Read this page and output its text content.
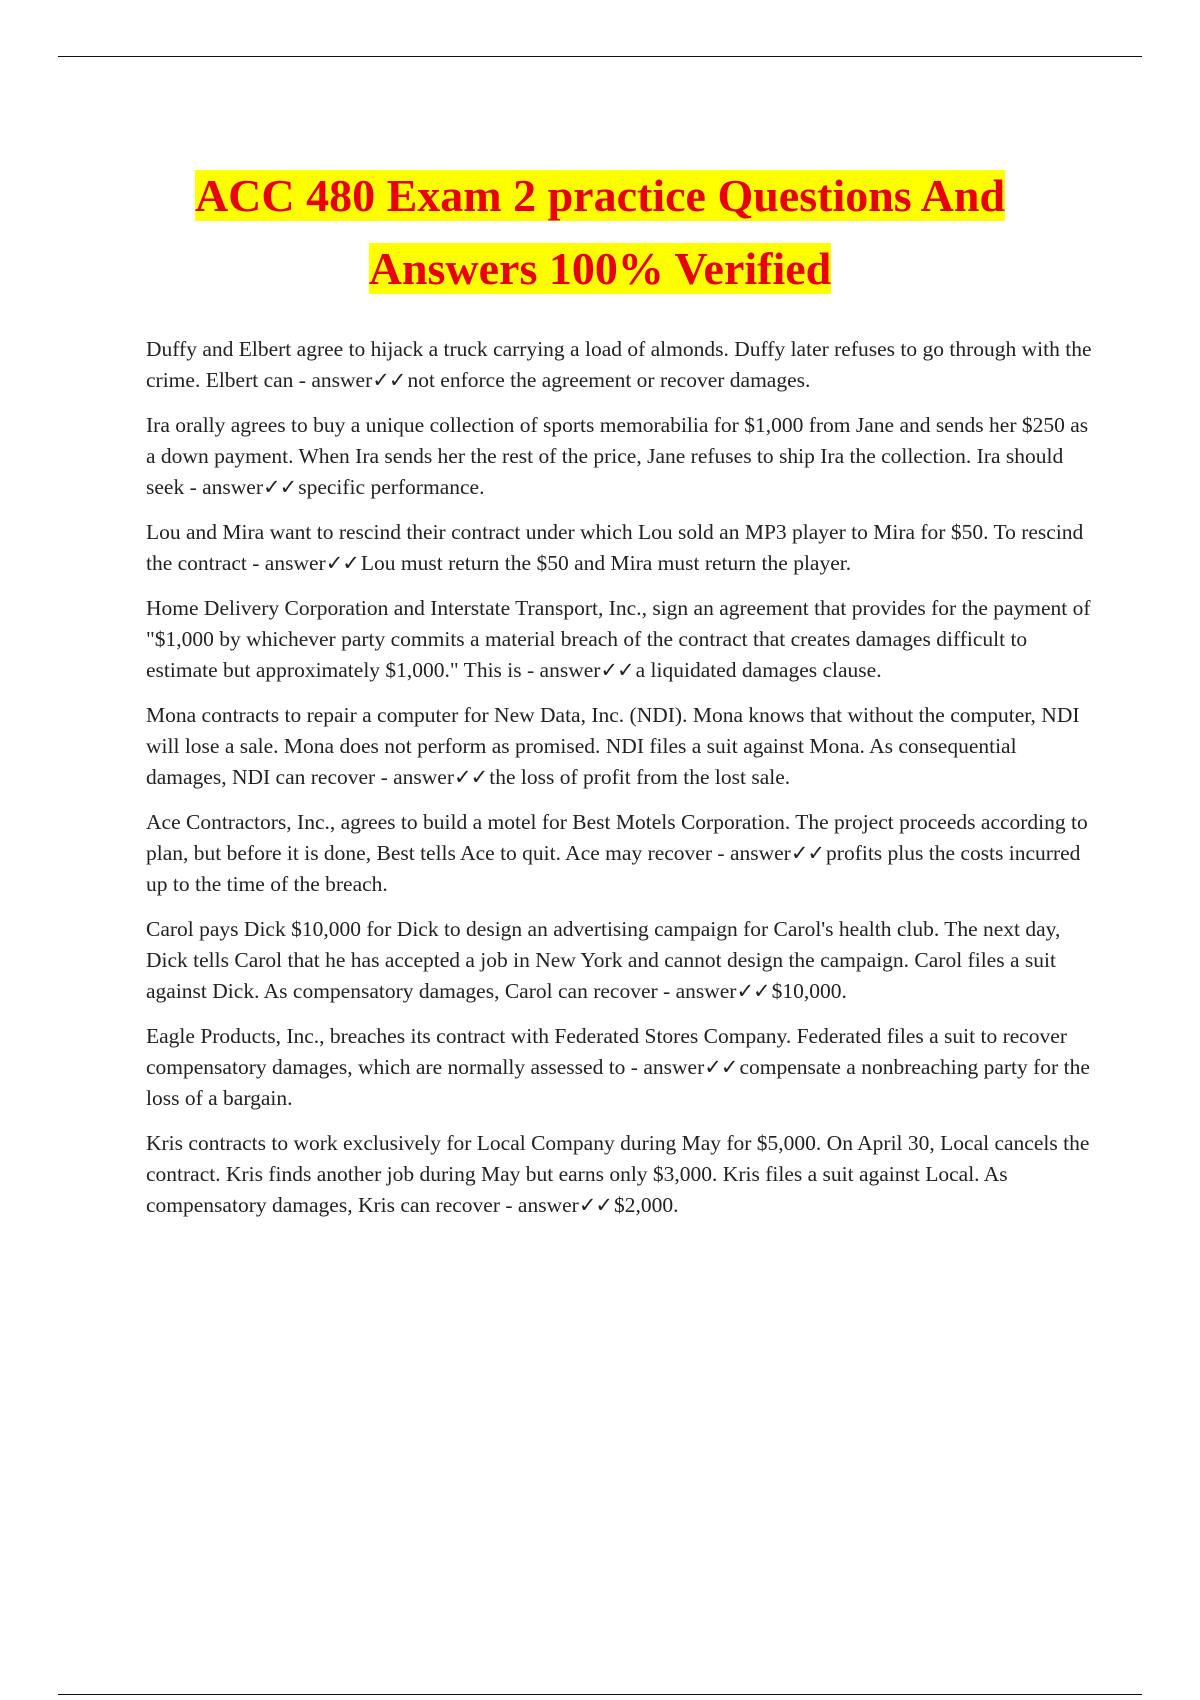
ACC 480 Exam 2 practice Questions And
Answers 100% Verified

Duffy and Elbert agree to hijack a truck carrying a load of almonds. Duffy later refuses to go through with the crime. Elbert can - answer✓✓not enforce the agreement or recover damages.

Ira orally agrees to buy a unique collection of sports memorabilia for $1,000 from Jane and sends her $250 as a down payment. When Ira sends her the rest of the price, Jane refuses to ship Ira the collection. Ira should seek - answer✓✓specific performance.

Lou and Mira want to rescind their contract under which Lou sold an MP3 player to Mira for $50. To rescind the contract - answer✓✓Lou must return the $50 and Mira must return the player.

Home Delivery Corporation and Interstate Transport, Inc., sign an agreement that provides for the payment of "$1,000 by whichever party commits a material breach of the contract that creates damages difficult to estimate but approximately $1,000." This is - answer✓✓a liquidated damages clause.

Mona contracts to repair a computer for New Data, Inc. (NDI). Mona knows that without the computer, NDI will lose a sale. Mona does not perform as promised. NDI files a suit against Mona. As consequential damages, NDI can recover - answer✓✓the loss of profit from the lost sale.

Ace Contractors, Inc., agrees to build a motel for Best Motels Corporation. The project proceeds according to plan, but before it is done, Best tells Ace to quit. Ace may recover - answer✓✓profits plus the costs incurred up to the time of the breach.

Carol pays Dick $10,000 for Dick to design an advertising campaign for Carol's health club. The next day, Dick tells Carol that he has accepted a job in New York and cannot design the campaign. Carol files a suit against Dick. As compensatory damages, Carol can recover - answer✓✓$10,000.

Eagle Products, Inc., breaches its contract with Federated Stores Company. Federated files a suit to recover compensatory damages, which are normally assessed to - answer✓✓compensate a nonbreaching party for the loss of a bargain.

Kris contracts to work exclusively for Local Company during May for $5,000. On April 30, Local cancels the contract. Kris finds another job during May but earns only $3,000. Kris files a suit against Local. As compensatory damages, Kris can recover - answer✓✓$2,000.
